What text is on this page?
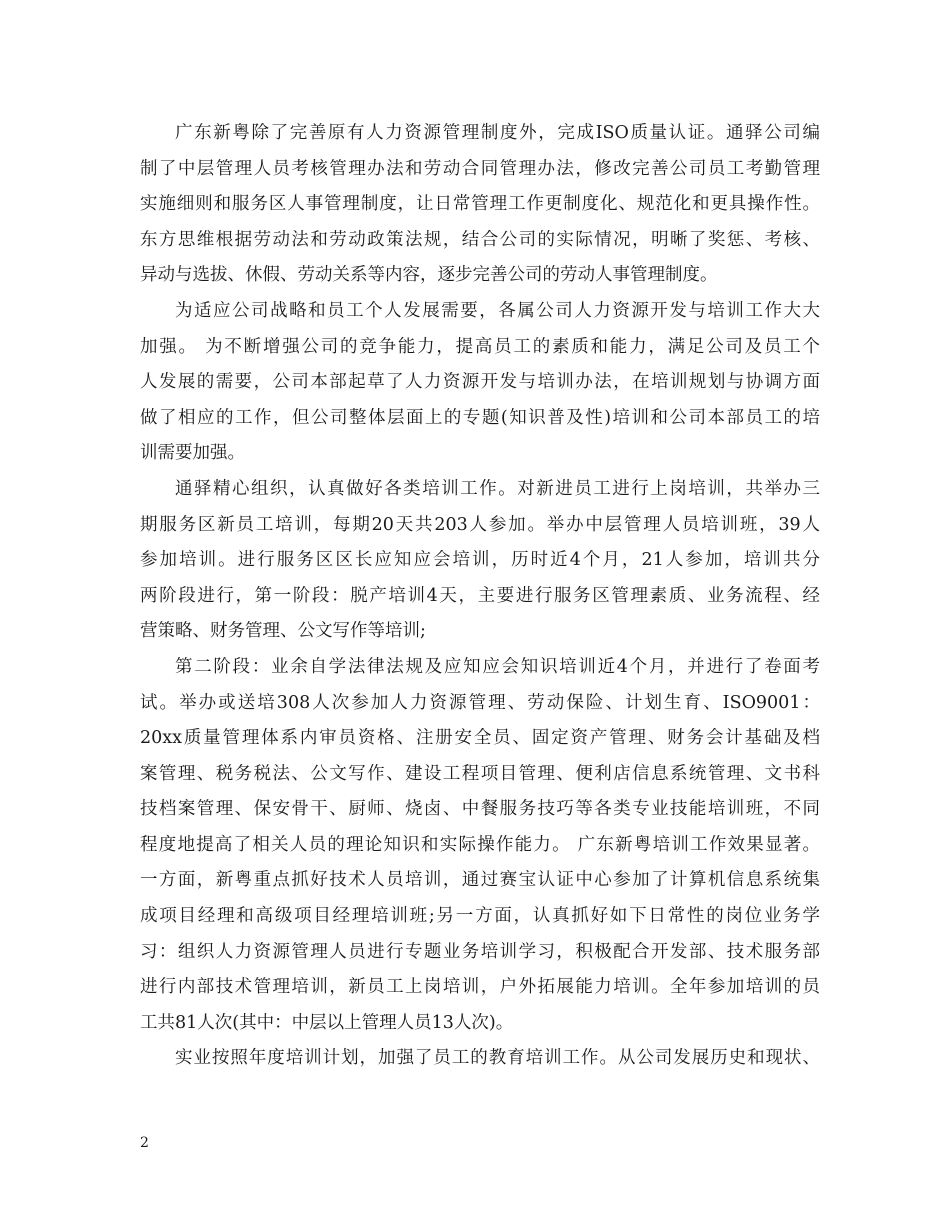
广东新粤除了完善原有人力资源管理制度外，完成ISO质量认证。通驿公司编
制了中层管理人员考核管理办法和劳动合同管理办法，修改完善公司员工考勤管理
实施细则和服务区人事管理制度，让日常管理工作更制度化、规范化和更具操作性。
东方思维根据劳动法和劳动政策法规，结合公司的实际情况，明晰了奖惩、考核、
异动与选拔、休假、劳动关系等内容，逐步完善公司的劳动人事管理制度。
为适应公司战略和员工个人发展需要，各属公司人力资源开发与培训工作大大
加强。 为不断增强公司的竞争能力，提高员工的素质和能力，满足公司及员工个
人发展的需要，公司本部起草了人力资源开发与培训办法，在培训规划与协调方面
做了相应的工作，但公司整体层面上的专题(知识普及性)培训和公司本部员工的培
训需要加强。
通驿精心组织，认真做好各类培训工作。对新进员工进行上岗培训，共举办三
期服务区新员工培训，每期20天共203人参加。举办中层管理人员培训班，39人
参加培训。进行服务区区长应知应会培训，历时近4个月，21人参加，培训共分
两阶段进行，第一阶段：脱产培训4天，主要进行服务区管理素质、业务流程、经
营策略、财务管理、公文写作等培训;
第二阶段：业余自学法律法规及应知应会知识培训近4个月，并进行了卷面考
试。举办或送培308人次参加人力资源管理、劳动保险、计划生育、ISO9001：
20xx质量管理体系内审员资格、注册安全员、固定资产管理、财务会计基础及档
案管理、税务税法、公文写作、建设工程项目管理、便利店信息系统管理、文书科
技档案管理、保安骨干、厨师、烧卤、中餐服务技巧等各类专业技能培训班，不同
程度地提高了相关人员的理论知识和实际操作能力。 广东新粤培训工作效果显著。
一方面，新粤重点抓好技术人员培训，通过赛宝认证中心参加了计算机信息系统集
成项目经理和高级项目经理培训班;另一方面，认真抓好如下日常性的岗位业务学
习：组织人力资源管理人员进行专题业务培训学习，积极配合开发部、技术服务部
进行内部技术管理培训，新员工上岗培训，户外拓展能力培训。全年参加培训的员
工共81人次(其中：中层以上管理人员13人次)。
实业按照年度培训计划，加强了员工的教育培训工作。从公司发展历史和现状、
2
